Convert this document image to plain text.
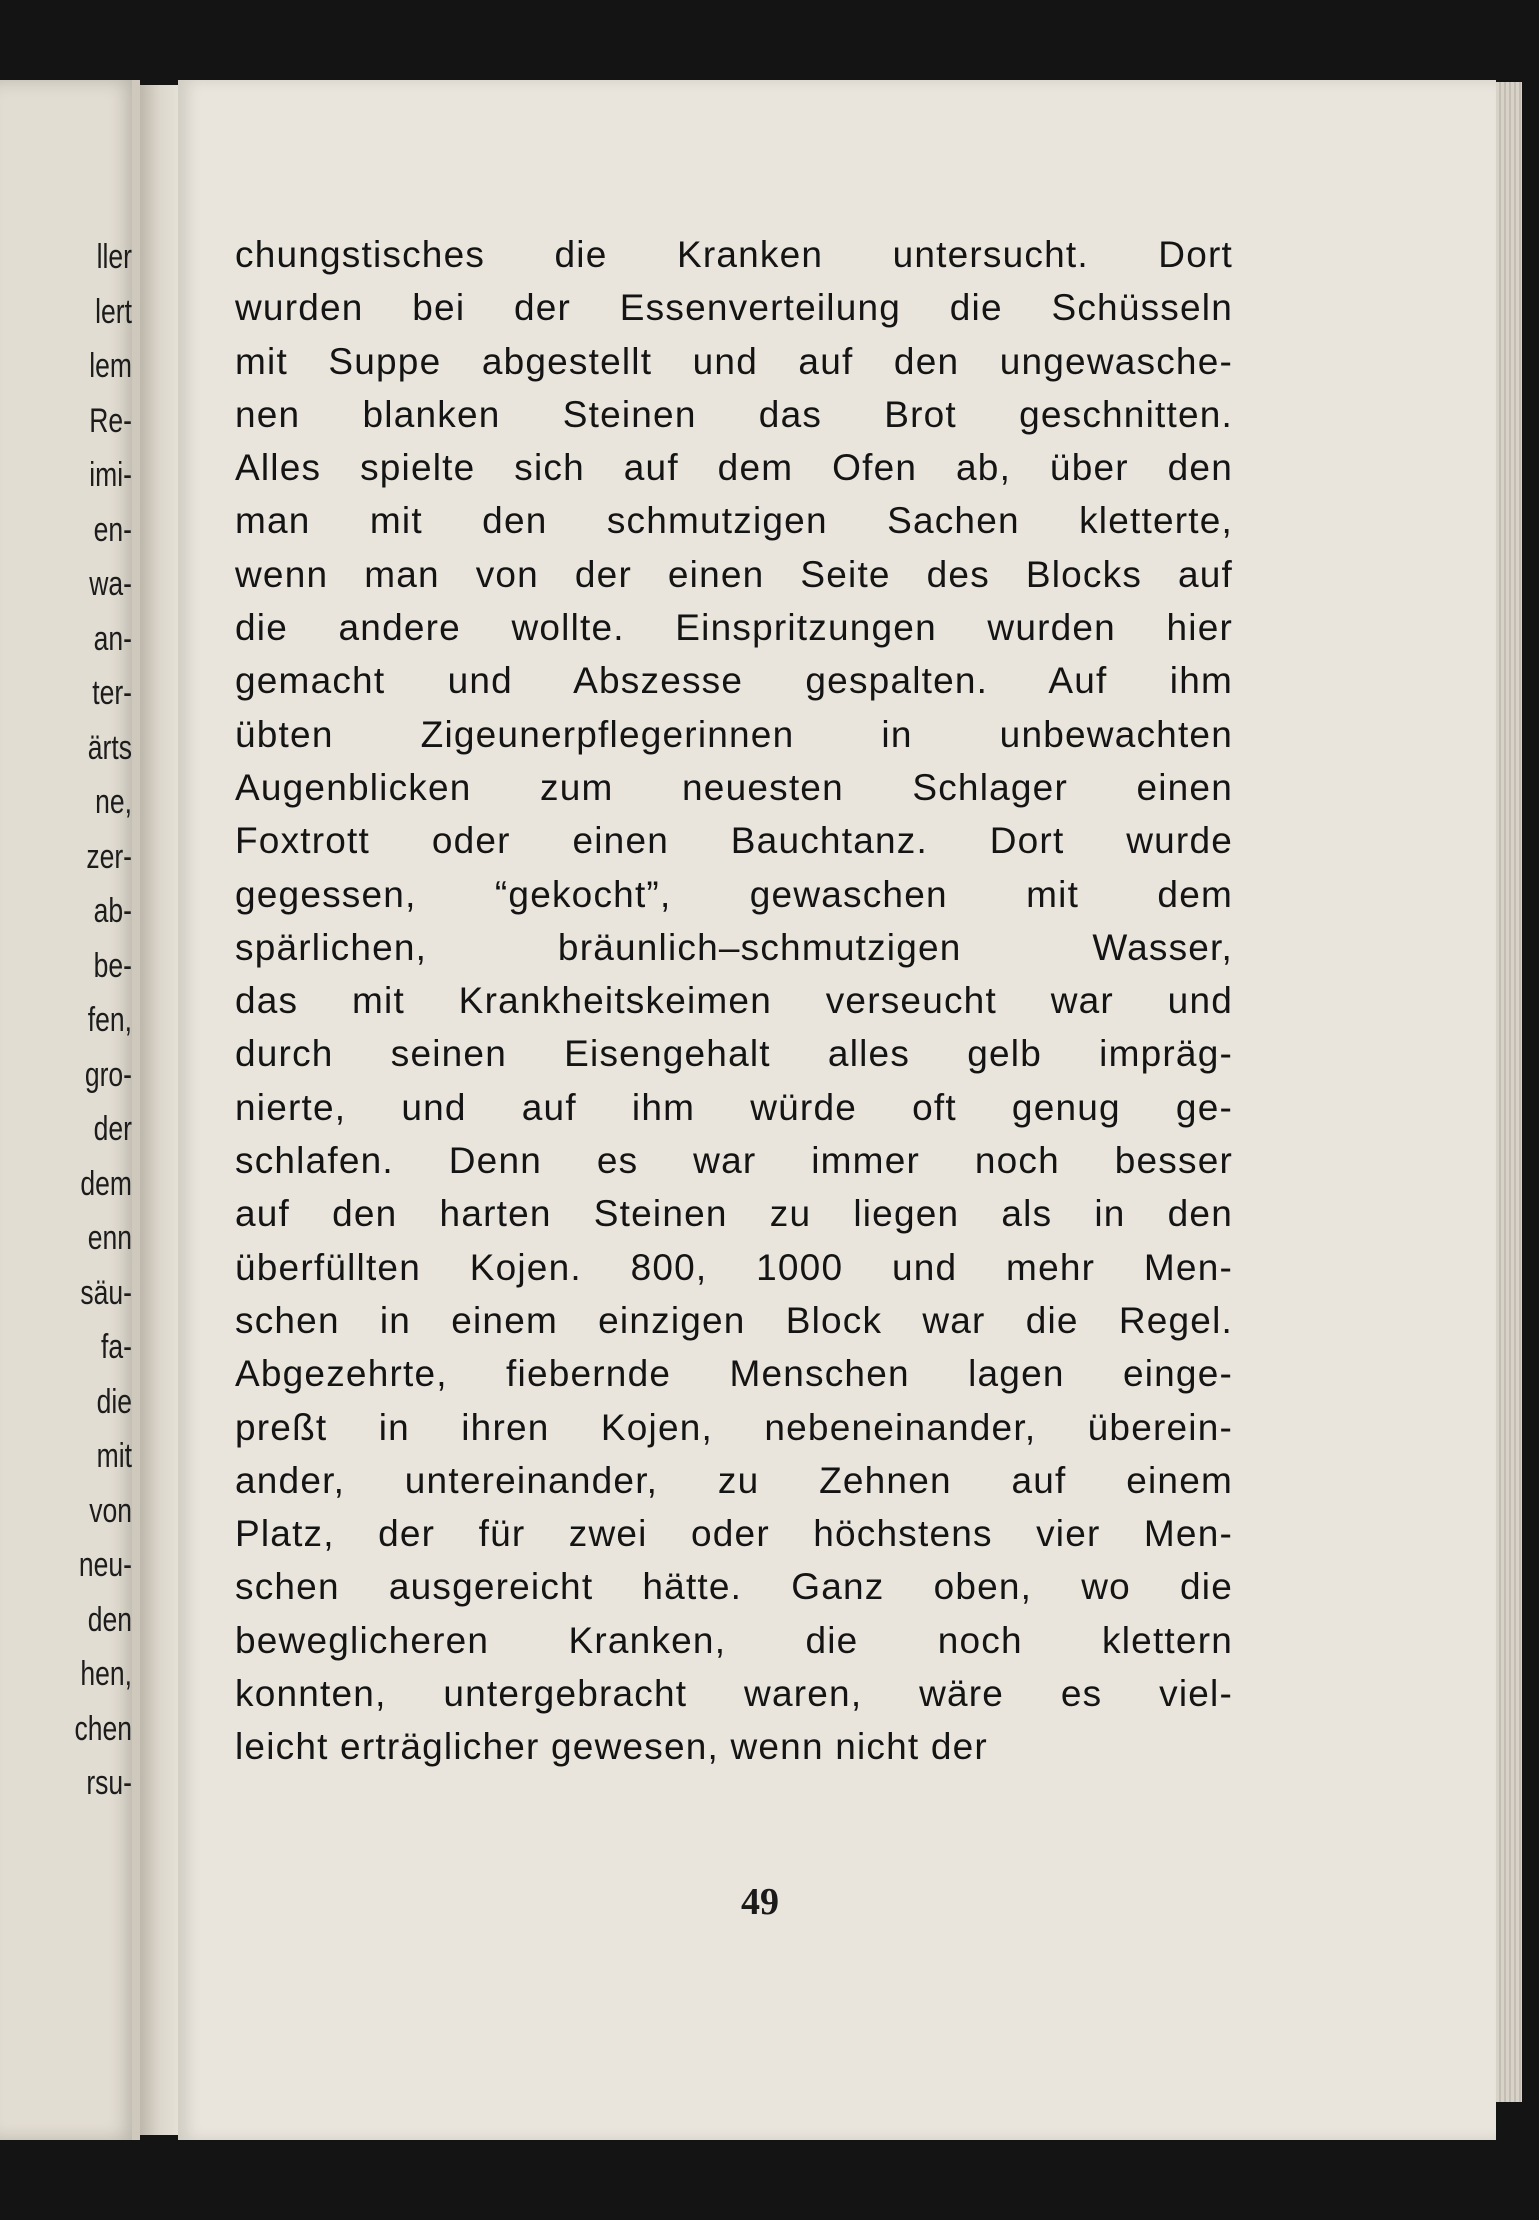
ller
lert
lem
Re-
imi-
en-
wa-
an-
ter-
ärts
ne,
zer-
ab-
be-
fen,
gro-
der
dem
enn
säu-
fa-
die
mit
von
neu-
den
hen,
chen
rsu-
chungstisches die Kranken untersucht. Dort
wurden bei der Essenverteilung die Schüsseln
mit Suppe abgestellt und auf den ungewasche-
nen blanken Steinen das Brot geschnitten.
Alles spielte sich auf dem Ofen ab, über den
man mit den schmutzigen Sachen kletterte,
wenn man von der einen Seite des Blocks auf
die andere wollte. Einspritzungen wurden hier
gemacht und Abszesse gespalten. Auf ihm
übten Zigeunerpflegerinnen in unbewachten
Augenblicken zum neuesten Schlager einen
Foxtrott oder einen Bauchtanz. Dort wurde
gegessen, “gekocht”, gewaschen mit dem
spärlichen, bräunlich–schmutzigen Wasser,
das mit Krankheitskeimen verseucht war und
durch seinen Eisengehalt alles gelb impräg-
nierte, und auf ihm würde oft genug ge-
schlafen. Denn es war immer noch besser
auf den harten Steinen zu liegen als in den
überfüllten Kojen. 800, 1000 und mehr Men-
schen in einem einzigen Block war die Regel.
Abgezehrte, fiebernde Menschen lagen einge-
preßt in ihren Kojen, nebeneinander, überein-
ander, untereinander, zu Zehnen auf einem
Platz, der für zwei oder höchstens vier Men-
schen ausgereicht hätte. Ganz oben, wo die
beweglicheren Kranken, die noch klettern
konnten, untergebracht waren, wäre es viel-
leicht erträglicher gewesen, wenn nicht der
49
